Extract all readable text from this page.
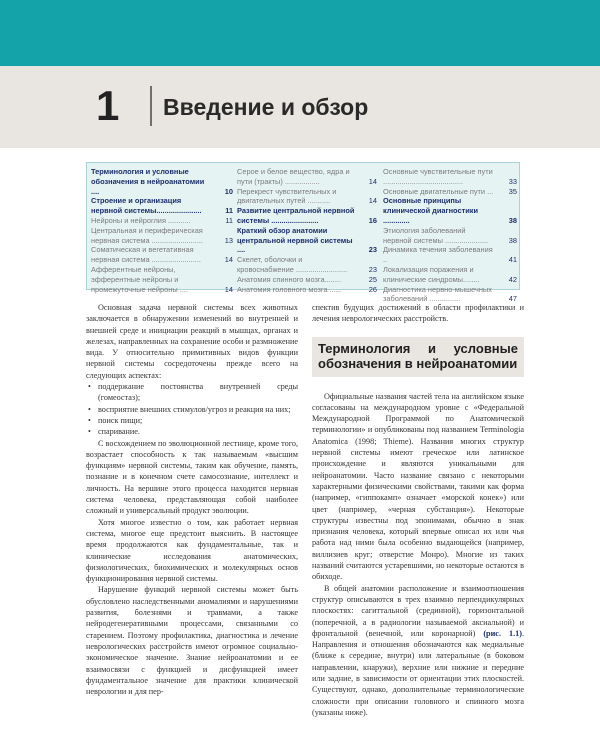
1 Введение и обзор
Терминология и условные обозначения в нейроанатомии ....	10
Строение и организация нервной системы......................	11
Нейроны и нейроглия ...........	11
Центральная и периферическая нервная система .........................	13
Соматическая и вегетативная нервная система ........................	14
Афферентные нейроны, эфферентные нейроны и промежуточные нейроны ....	14
Серое и белое вещество, ядра и пути (тракты) .................	14
Перекрест чувствительных и двигательных путей ...........	14
Развитие центральной нервной системы .......................	16
Краткий обзор анатомии центральной нервной системы ....	23
Скелет, оболочки и кровоснабжение .........................	23
Анатомия спинного мозга........	25
Анатомия головного мозга ......	26
Основные чувствительные пути .......................................	33
Основные двигательные пути ...	35
Основные принципы клинической диагностики .............	38
Этиология заболеваний нервной системы .....................	38
Динамика течения заболевания ..	41
Локализация поражения и клинические синдромы........	42
Диагностика нервно-мышечных заболеваний ...............	47

Основная задача нервной системы всех животных заключается в обнаружении изменений во внутренней и внешней среде и инициации реакций в мышцах, органах и железах, направленных на сохранение особи и размножение вида. У относительно примитивных видов функции нервной системы сосредоточены прежде всего на следующих аспектах:

• поддержание постоянства внутренней среды (гомеостаз);
• восприятие внешних стимулов/угроз и реакция на них;
• поиск пищи;
• спаривание.

С восхождением по эволюционной лестнице, кроме того, возрастает способность к так называемым «высшим функциям» нервной системы, таким как обучение, память, познание и в конечном счете самосознание, интеллект и личность. На вершине этого процесса находится нервная система человека, представляющая собой наиболее сложный и универсальный продукт эволюции.

Хотя многое известно о том, как работает нервная система, многое еще предстоит выяснить. В настоящее время продолжаются как фундаментальные, так и клинические исследования анатомических, физиологических, биохимических и молекулярных основ функционирования нервной системы.

Нарушение функций нервной системы может быть обусловлено наследственными аномалиями и нарушениями развития, болезнями и травмами, а также нейродегенеративными процессами, связанными со старением. Поэтому профилактика, диагностика и лечение неврологических расстройств имеют огромное социально-экономическое значение. Знание нейроанатомии и ее взаимосвязи с функцией и дисфункцией имеет фундаментальное значение для практики клинической неврологии и для пер-

спектив будущих достижений в области профилактики и лечения неврологических расстройств.

Терминология и условные обозначения в нейроанатомии

Официальные названия частей тела на английском языке согласованы на международном уровне с «Федеральной Международной Программой по Анатомической терминологии» и опубликованы под названием Terminologia Anatomica (1998; Thieme). Названия многих структур нервной системы имеют греческое или латинское происхождение и являются уникальными для нейроанатомии. Часто название связано с некоторыми характерными физическими свойствами, такими как форма (например, «гиппокамп» означает «морской конек») или цвет (например, «черная субстанция»). Некоторые структуры известны под эпонимами, обычно в знак признания человека, который впервые описал их или чья работа над ними была особенно выдающейся (например, виллизиев круг; отверстие Монро). Многие из таких названий считаются устаревшими, но некоторые остаются в обиходе.

В общей анатомии расположение и взаимоотношения структур описываются в трех взаимно перпендикулярных плоскостях: сагиттальной (срединной), горизонтальной (поперечной, а в радиологии называемой аксиальной) и фронтальной (венечной, или коронарной) (рис. 1.1). Направления и отношения обозначаются как медиальные (ближе к середине, внутри) или латеральные (в боковом направлении, кнаружи), верхние или нижние и передние или задние, в зависимости от ориентации этих плоскостей. Существуют, однако, дополнительные терминологические сложности при описании головного и спинного мозга (указаны ниже).
